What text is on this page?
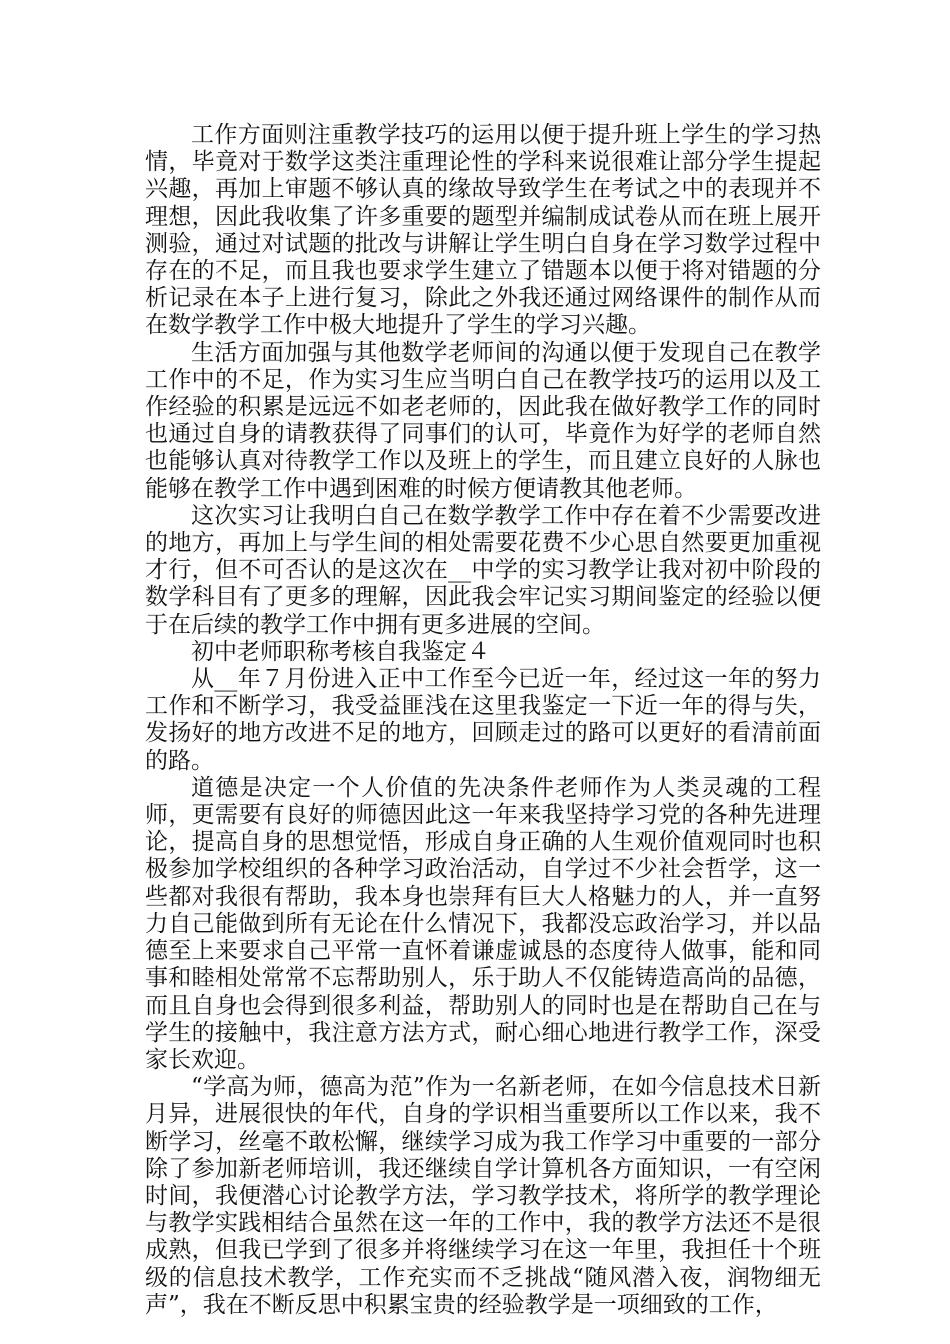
工作方面则注重教学技巧的运用以便于提升班上学生的学习热情，毕竟对于数学这类注重理论性的学科来说很难让部分学生提起兴趣，再加上审题不够认真的缘故导致学生在考试之中的表现并不理想，因此我收集了许多重要的题型并编制成试卷从而在班上展开测验，通过对试题的批改与讲解让学生明白自身在学习数学过程中存在的不足，而且我也要求学生建立了错题本以便于将对错题的分析记录在本子上进行复习，除此之外我还通过网络课件的制作从而在数学教学工作中极大地提升了学生的学习兴趣。

生活方面加强与其他数学老师间的沟通以便于发现自己在教学工作中的不足，作为实习生应当明白自己在教学技巧的运用以及工作经验的积累是远远不如老老师的，因此我在做好教学工作的同时也通过自身的请教获得了同事们的认可，毕竟作为好学的老师自然也能够认真对待教学工作以及班上的学生，而且建立良好的人脉也能够在教学工作中遇到困难的时候方便请教其他老师。

这次实习让我明白自己在数学教学工作中存在着不少需要改进的地方，再加上与学生间的相处需要花费不少心思自然要更加重视才行，但不可否认的是这次在__中学的实习教学让我对初中阶段的数学科目有了更多的理解，因此我会牢记实习期间鉴定的经验以便于在后续的教学工作中拥有更多进展的空间。

初中老师职称考核自我鉴定４

从__年７月份进入正中工作至今已近一年，经过这一年的努力工作和不断学习，我受益匪浅在这里我鉴定一下近一年的得与失，发扬好的地方改进不足的地方，回顾走过的路可以更好的看清前面的路。

道德是决定一个人价值的先决条件老师作为人类灵魂的工程师，更需要有良好的师德因此这一年来我坚持学习党的各种先进理论，提高自身的思想觉悟，形成自身正确的人生观价值观同时也积极参加学校组织的各种学习政治活动，自学过不少社会哲学，这一些都对我很有帮助，我本身也崇拜有巨大人格魅力的人，并一直努力自己能做到所有无论在什么情况下，我都没忘政治学习，并以品德至上来要求自己平常一直怀着谦虚诚恳的态度待人做事，能和同事和睦相处常常不忘帮助别人，乐于助人不仅能铸造高尚的品德，而且自身也会得到很多利益，帮助别人的同时也是在帮助自己在与学生的接触中，我注意方法方式，耐心细心地进行教学工作，深受家长欢迎。

“学高为师，德高为范”作为一名新老师，在如今信息技术日新月异，进展很快的年代，自身的学识相当重要所以工作以来，我不断学习，丝毫不敢松懈，继续学习成为我工作学习中重要的一部分除了参加新老师培训，我还继续自学计算机各方面知识，一有空闲时间，我便潜心讨论教学方法，学习教学技术，将所学的教学理论与教学实践相结合虽然在这一年的工作中，我的教学方法还不是很成熟，但我已学到了很多并将继续学习在这一年里，我担任十个班级的信息技术教学，工作充实而不乏挑战“随风潜入夜，润物细无声”，我在不断反思中积累宝贵的经验教学是一项细致的工作，
